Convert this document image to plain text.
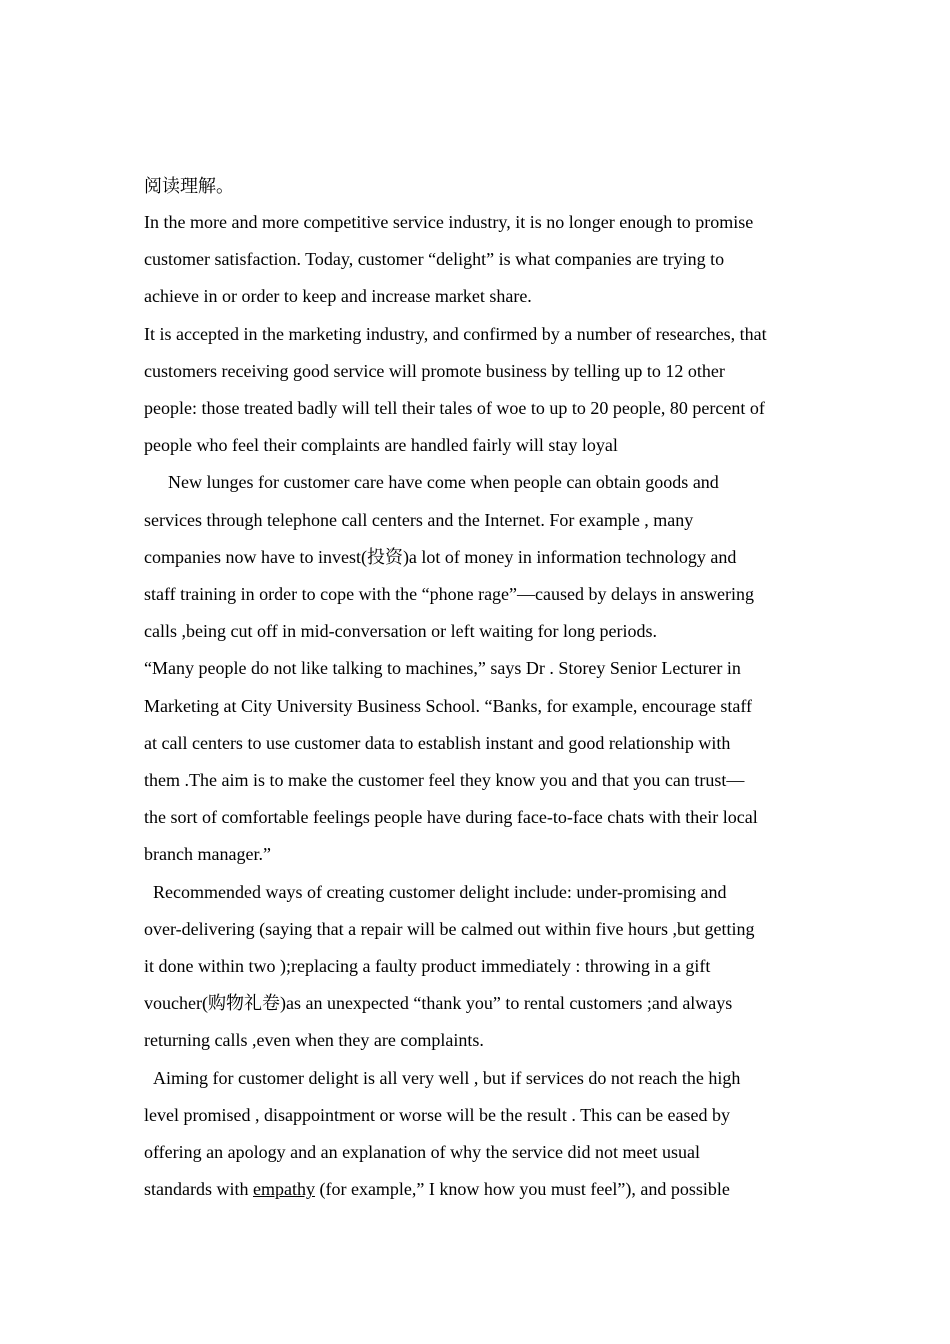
阅读理解。

In the more and more competitive service industry, it is no longer enough to promise
customer satisfaction. Today, customer “delight” is what companies are trying to
achieve in or order to keep and increase market share.

It is accepted in the marketing industry, and confirmed by a number of researches, that
customers receiving good service will promote business by telling up to 12 other
people: those treated badly will tell their tales of woe to up to 20 people, 80 percent of
people who feel their complaints are handled fairly will stay loyal

New lunges for customer care have come when people can obtain goods and
services through telephone call centers and the Internet. For example , many
companies now have to invest(投资)a lot of money in information technology and
staff training in order to cope with the “phone rage”—caused by delays in answering
calls ,being cut off in mid-conversation or left waiting for long periods.

“Many people do not like talking to machines,” says Dr . Storey Senior Lecturer in
Marketing at City University Business School. “Banks, for example, encourage staff
at call centers to use customer data to establish instant and good relationship with
them .The aim is to make the customer feel they know you and that you can trust—
the sort of comfortable feelings people have during face-to-face chats with their local
branch manager.”

Recommended ways of creating customer delight include: under-promising and
over-delivering (saying that a repair will be calmed out within five hours ,but getting
it done within two );replacing a faulty product immediately : throwing in a gift
voucher(购物礼卷)as an unexpected “thank you” to rental customers ;and always
returning calls ,even when they are complaints.

Aiming for customer delight is all very well , but if services do not reach the high
level promised , disappointment or worse will be the result . This can be eased by
offering an apology and an explanation of why the service did not meet usual
standards with empathy (for example,” I know how you must feel”), and possible
